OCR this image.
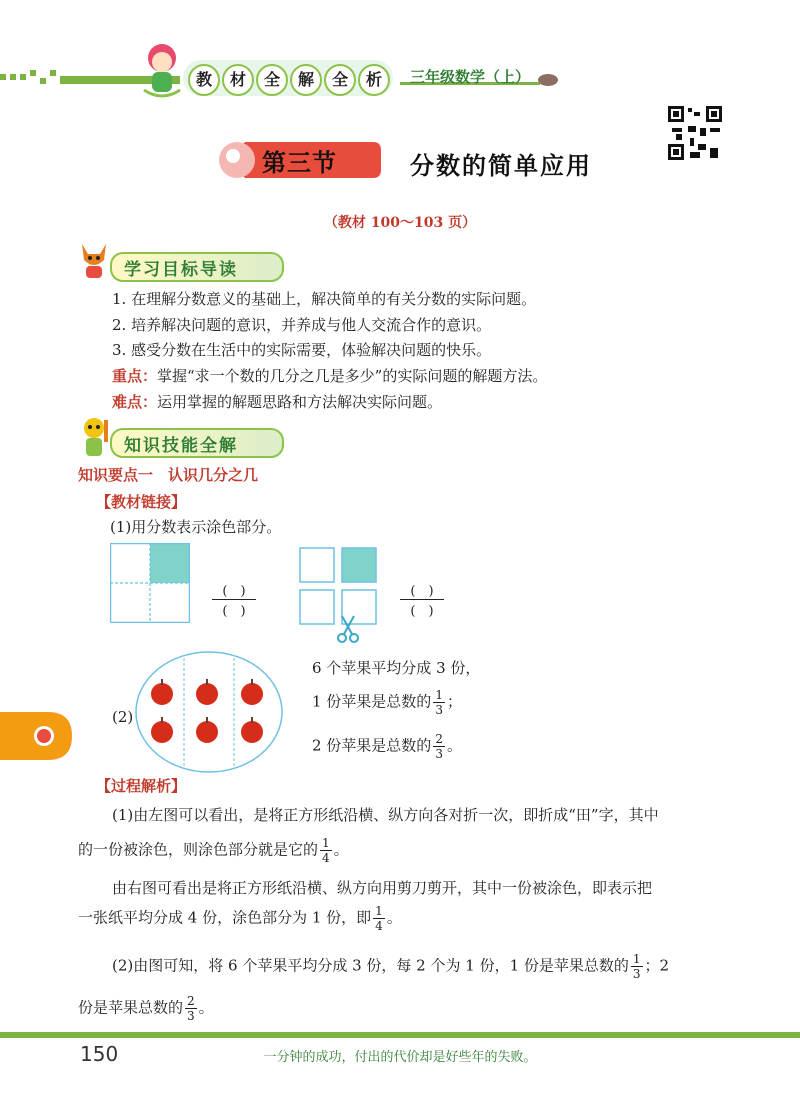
教	材	全	解	全	析	三年级数学（上）
第三节	分数的简单应用
（教材 100～103 页）
学习目标导读
1. 在理解分数意义的基础上，解决简单的有关分数的实际问题。
2. 培养解决问题的意识，并养成与他人交流合作的意识。
3. 感受分数在生活中的实际需要，体验解决问题的快乐。
重点：掌握“求一个数的几分之几是多少”的实际问题的解题方法。
难点：运用掌握的解题思路和方法解决实际问题。
知识技能全解
知识要点一　认识几分之几
【教材链接】
(1)用分数表示涂色部分。
(　)
(　)
(　)
(　)
(2)
6 个苹果平均分成 3 份，
1 份苹果是总数的 $\frac{1}{3}$ ；
2 份苹果是总数的 $\frac{2}{3}$ 。
【过程解析】
(1)由左图可以看出，是将正方形纸沿横、纵方向各对折一次，即折成“田”字，其中
的一份被涂色，则涂色部分就是它的 $\frac{1}{4}$ 。
由右图可看出是将正方形纸沿横、纵方向用剪刀剪开，其中一份被涂色，即表示把
一张纸平均分成 4 份，涂色部分为 1 份，即 $\frac{1}{4}$ 。
(2)由图可知，将 6 个苹果平均分成 3 份，每 2 个为 1 份，1 份是苹果总数的 $\frac{1}{3}$ ；2
份是苹果总数的 $\frac{2}{3}$ 。
150	一分钟的成功，付出的代价却是好些年的失败。
